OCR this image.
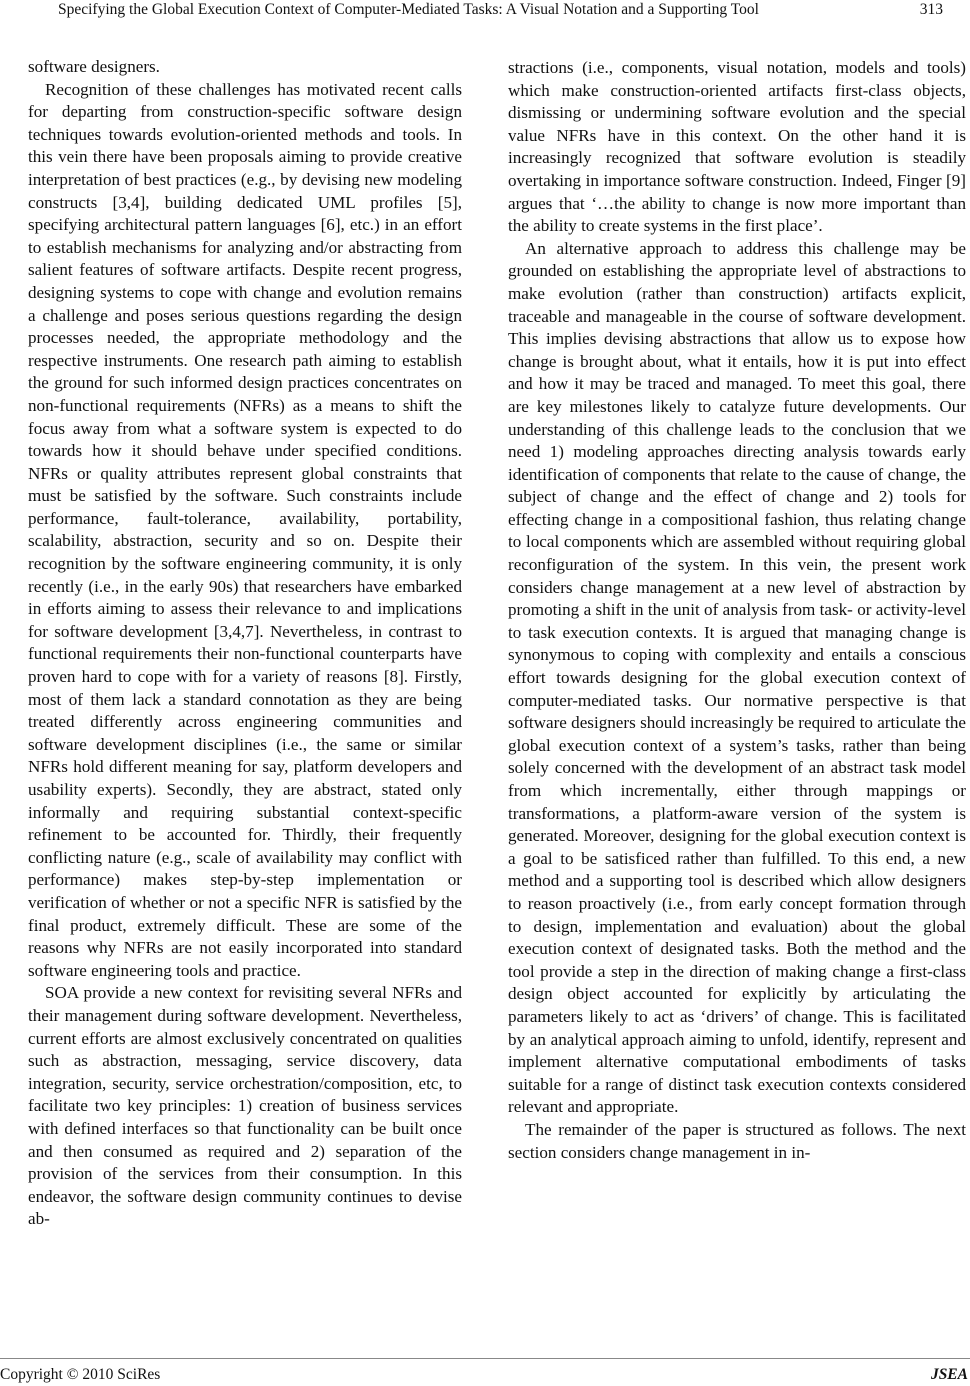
Specifying the Global Execution Context of Computer-Mediated Tasks: A Visual Notation and a Supporting Tool	313

software designers.

Recognition of these challenges has motivated recent calls for departing from construction-specific software design techniques towards evolution-oriented methods and tools. In this vein there have been proposals aiming to provide creative interpretation of best practices (e.g., by devising new modeling constructs [3,4], building dedicated UML profiles [5], specifying architectural pattern languages [6], etc.) in an effort to establish mechanisms for analyzing and/or abstracting from salient features of software artifacts. Despite recent progress, designing systems to cope with change and evolution remains a challenge and poses serious questions regarding the design processes needed, the appropriate methodology and the respective instruments. One research path aiming to establish the ground for such informed design practices concentrates on non-functional requirements (NFRs) as a means to shift the focus away from what a software system is expected to do towards how it should behave under specified conditions. NFRs or quality attributes represent global constraints that must be satisfied by the software. Such constraints include performance, fault-tolerance, availability, portability, scalability, abstraction, security and so on. Despite their recognition by the software engineering community, it is only recently (i.e., in the early 90s) that researchers have embarked in efforts aiming to assess their relevance to and implications for software development [3,4,7]. Nevertheless, in contrast to functional requirements their non-functional counterparts have proven hard to cope with for a variety of reasons [8]. Firstly, most of them lack a standard connotation as they are being treated differently across engineering communities and software development disciplines (i.e., the same or similar NFRs hold different meaning for say, platform developers and usability experts). Secondly, they are abstract, stated only informally and requiring substantial context-specific refinement to be accounted for. Thirdly, their frequently conflicting nature (e.g., scale of availability may conflict with performance) makes step-by-step implementation or verification of whether or not a specific NFR is satisfied by the final product, extremely difficult. These are some of the reasons why NFRs are not easily incorporated into standard software engineering tools and practice.

SOA provide a new context for revisiting several NFRs and their management during software development. Nevertheless, current efforts are almost exclusively concentrated on qualities such as abstraction, messaging, service discovery, data integration, security, service orchestration/composition, etc, to facilitate two key principles: 1) creation of business services with defined interfaces so that functionality can be built once and then consumed as required and 2) separation of the provision of the services from their consumption. In this endeavor, the software design community continues to devise ab-

stractions (i.e., components, visual notation, models and tools) which make construction-oriented artifacts first-class objects, dismissing or undermining software evolution and the special value NFRs have in this context. On the other hand it is increasingly recognized that software evolution is steadily overtaking in importance software construction. Indeed, Finger [9] argues that ‘…the ability to change is now more important than the ability to create systems in the first place’.

An alternative approach to address this challenge may be grounded on establishing the appropriate level of abstractions to make evolution (rather than construction) artifacts explicit, traceable and manageable in the course of software development. This implies devising abstractions that allow us to expose how change is brought about, what it entails, how it is put into effect and how it may be traced and managed. To meet this goal, there are key milestones likely to catalyze future developments. Our understanding of this challenge leads to the conclusion that we need 1) modeling approaches directing analysis towards early identification of components that relate to the cause of change, the subject of change and the effect of change and 2) tools for effecting change in a compositional fashion, thus relating change to local components which are assembled without requiring global reconfiguration of the system. In this vein, the present work considers change management at a new level of abstraction by promoting a shift in the unit of analysis from task- or activity-level to task execution contexts. It is argued that managing change is synonymous to coping with complexity and entails a conscious effort towards designing for the global execution context of computer-mediated tasks. Our normative perspective is that software designers should increasingly be required to articulate the global execution context of a system’s tasks, rather than being solely concerned with the development of an abstract task model from which incrementally, either through mappings or transformations, a platform-aware version of the system is generated. Moreover, designing for the global execution context is a goal to be satisficed rather than fulfilled. To this end, a new method and a supporting tool is described which allow designers to reason proactively (i.e., from early concept formation through to design, implementation and evaluation) about the global execution context of designated tasks. Both the method and the tool provide a step in the direction of making change a first-class design object accounted for explicitly by articulating the parameters likely to act as ‘drivers’ of change. This is facilitated by an analytical approach aiming to unfold, identify, represent and implement alternative computational embodiments of tasks suitable for a range of distinct task execution contexts considered relevant and appropriate.

The remainder of the paper is structured as follows. The next section considers change management in in-

Copyright © 2010 SciRes	JSEA
